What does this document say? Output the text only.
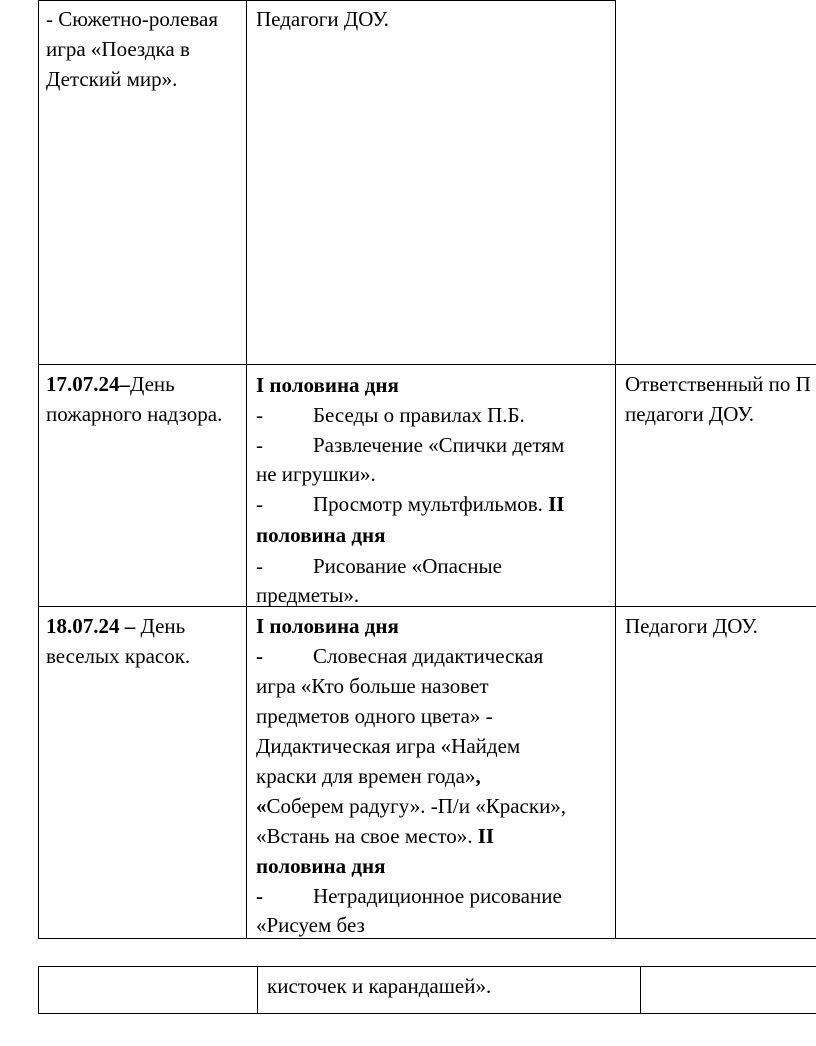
- Сюжетно-ролевая
игра «Поездка в
Детский мир».
Педагоги ДОУ.
17.07.24–День
пожарного надзора.
I половина дня
- Беседы о правилах П.Б.
- Развлечение «Спички детям
не игрушки».
- Просмотр мультфильмов. II
половина дня
- Рисование «Опасные
предметы».
Ответственный по П
педагоги ДОУ.
18.07.24 – День
веселых красок.
I половина дня
- Словесная дидактическая
игра «Кто больше назовет
предметов одного цвета» -
Дидактическая игра «Найдем
краски для времен года»,
«Соберем радугу». -П/и «Краски»,
«Встань на свое место». II
половина дня
- Нетрадиционное рисование
«Рисуем без
Педагоги ДОУ.
кисточек и карандашей».
